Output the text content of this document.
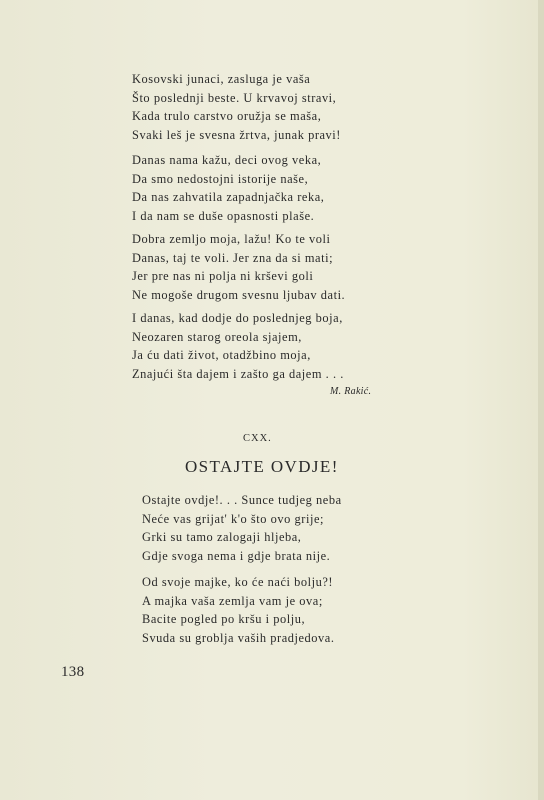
Kosovski junaci, zasluga je vaša
Što poslednji beste. U krvavoj stravi,
Kada trulo carstvo oružja se maša,
Svaki leš je svesna žrtva, junak pravi!
Danas nama kažu, deci ovog veka,
Da smo nedostojni istorije naše,
Da nas zahvatila zapadnjačka reka,
I da nam se duše opasnosti plaše.
Dobra zemljo moja, lažu! Ko te voli
Danas, taj te voli. Jer zna da si mati;
Jer pre nas ni polja ni krševi goli
Ne mogoše drugom svesnu ljubav dati.
I danas, kad dodje do poslednjeg boja,
Neozaren starog oreola sjajem,
Ja ću dati život, otadžbino moja,
Znajući šta dajem i zašto ga dajem . . .
M. Rakić.
CXX.
OSTAJTE OVDJE!
Ostajte ovdje!. . . Sunce tudjeg neba
Neće vas grijat' k'o što ovo grije;
Grki su tamo zalogaji hljeba,
Gdje svoga nema i gdje brata nije.
Od svoje majke, ko će naći bolju?!
A majka vaša zemlja vam je ova;
Bacite pogled po kršu i polju,
Svuda su groblja vaših pradjedova.
138
